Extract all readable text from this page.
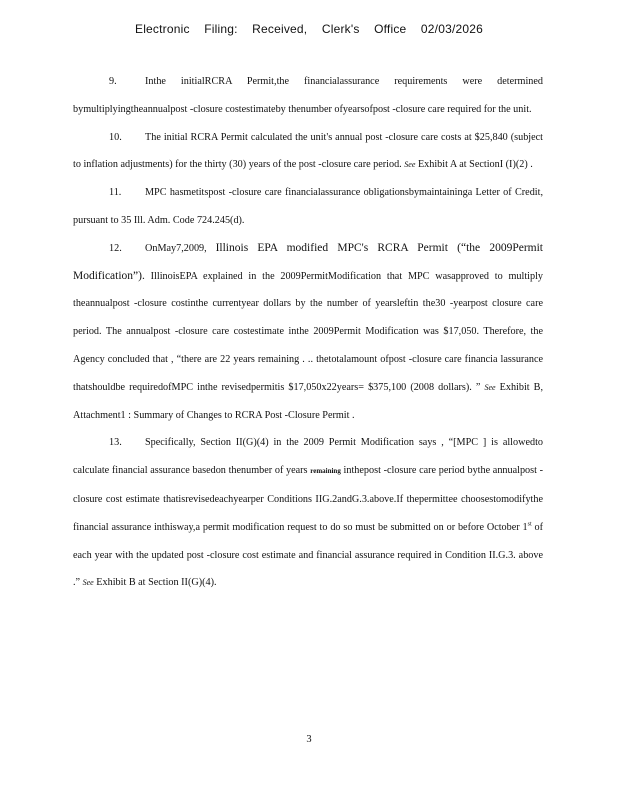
Electronic Filing: Received, Clerk's Office 02/03/2026

9.	Inthe initialRCRA Permit,the financialassurance requirements were determined bymultiplyingtheannualpost -closure costestimateby thenumber ofyearsofpost -closure care required for the unit.

10. The initial RCRA Permit calculated the unit's annual post -closure care costs at $25,840 (subject to inflation adjustments) for the thirty (30) years of the post -closure care period. See Exhibit A at SectionI (I)(2) .

11. MPC hasmetitspost -closure care financialassurance obligationsbymaintaininga Letter of Credit, pursuant to 35 Ill. Adm. Code 724.245(d).

12. OnMay7,2009, Illinois EPA modified MPC's RCRA Permit (“the 2009Permit Modification”). IllinoisEPA explained in the 2009PermitModification that MPC wasapproved to multiply theannualpost -closure costinthe currentyear dollars by the number of yearsleftin the30 -yearpost closure care period. The annualpost -closure care costestimate inthe 2009Permit Modification was $17,050. Therefore, the Agency concluded that , “there are 22 years remaining . .. thetotalamount ofpost -closure care financia lassurance thatshouldbe requiredofMPC inthe revisedpermitis $17,050x22years= $375,100 (2008 dollars). ” See Exhibit B, Attachment1 : Summary of Changes to RCRA Post -Closure Permit .

13. Specifically, Section II(G)(4) in the 2009 Permit Modification says , “[MPC ] is allowedto calculate financial assurance basedon thenumber of years remaining inthepost -closure care period bythe annualpost - closure cost estimate thatisrevisedeachyearper Conditions IIG.2andG.3.above.If thepermittee choosestomodifythe financial assurance inthisway,a permit modification request to do so must be submitted on or before October 1st of each year with the updated post -closure cost estimate and financial assurance required in Condition II.G.3. above .” See Exhibit B at Section II(G)(4).

3
